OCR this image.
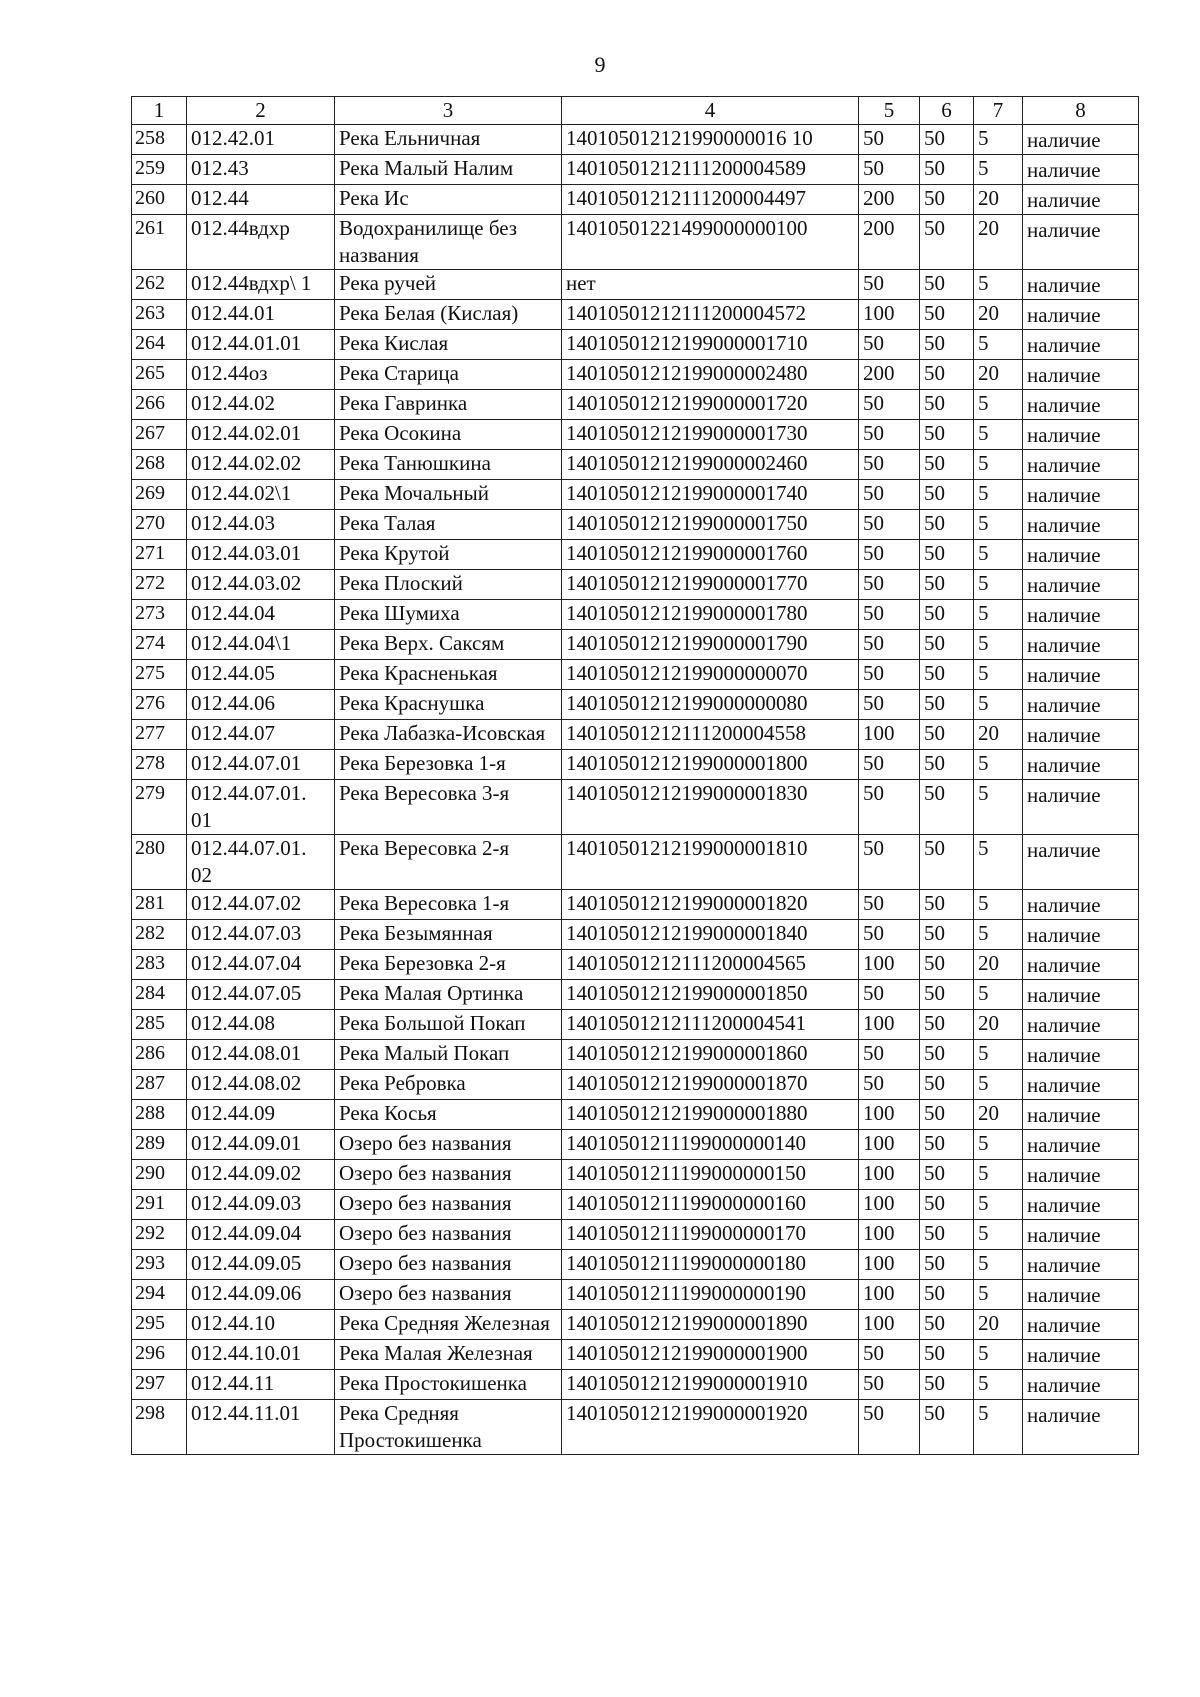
9
1	2	3	4	5	6	7	8
258	012.42.01	Река Ельничная	140105012121990000016 10	50	50	5	наличие
259	012.43	Река Малый Налим	14010501212111200004589	50	50	5	наличие
260	012.44	Река Ис	14010501212111200004497	200	50	20	наличие
261	012.44вдхр	Водохранилище без названия	14010501221499000000100	200	50	20	наличие
262	012.44вдхр\ 1	Река ручей	нет	50	50	5	наличие
263	012.44.01	Река Белая (Кислая)	14010501212111200004572	100	50	20	наличие
264	012.44.01.01	Река Кислая	14010501212199000001710	50	50	5	наличие
265	012.44оз	Река Старица	14010501212199000002480	200	50	20	наличие
266	012.44.02	Река Гавринка	14010501212199000001720	50	50	5	наличие
267	012.44.02.01	Река Осокина	14010501212199000001730	50	50	5	наличие
268	012.44.02.02	Река Танюшкина	14010501212199000002460	50	50	5	наличие
269	012.44.02\1	Река Мочальный	14010501212199000001740	50	50	5	наличие
270	012.44.03	Река Талая	14010501212199000001750	50	50	5	наличие
271	012.44.03.01	Река Крутой	14010501212199000001760	50	50	5	наличие
272	012.44.03.02	Река Плоский	14010501212199000001770	50	50	5	наличие
273	012.44.04	Река Шумиха	14010501212199000001780	50	50	5	наличие
274	012.44.04\1	Река Верх. Саксям	14010501212199000001790	50	50	5	наличие
275	012.44.05	Река Красненькая	14010501212199000000070	50	50	5	наличие
276	012.44.06	Река Краснушка	14010501212199000000080	50	50	5	наличие
277	012.44.07	Река Лабазка-Исовская	14010501212111200004558	100	50	20	наличие
278	012.44.07.01	Река Березовка 1-я	14010501212199000001800	50	50	5	наличие
279	012.44.07.01. 01	Река Вересовка 3-я	14010501212199000001830	50	50	5	наличие
280	012.44.07.01. 02	Река Вересовка 2-я	14010501212199000001810	50	50	5	наличие
281	012.44.07.02	Река Вересовка 1-я	14010501212199000001820	50	50	5	наличие
282	012.44.07.03	Река Безымянная	14010501212199000001840	50	50	5	наличие
283	012.44.07.04	Река Березовка 2-я	14010501212111200004565	100	50	20	наличие
284	012.44.07.05	Река Малая Ортинка	14010501212199000001850	50	50	5	наличие
285	012.44.08	Река Большой Покап	14010501212111200004541	100	50	20	наличие
286	012.44.08.01	Река Малый Покап	14010501212199000001860	50	50	5	наличие
287	012.44.08.02	Река Ребровка	14010501212199000001870	50	50	5	наличие
288	012.44.09	Река Косья	14010501212199000001880	100	50	20	наличие
289	012.44.09.01	Озеро без названия	14010501211199000000140	100	50	5	наличие
290	012.44.09.02	Озеро без названия	14010501211199000000150	100	50	5	наличие
291	012.44.09.03	Озеро без названия	14010501211199000000160	100	50	5	наличие
292	012.44.09.04	Озеро без названия	14010501211199000000170	100	50	5	наличие
293	012.44.09.05	Озеро без названия	14010501211199000000180	100	50	5	наличие
294	012.44.09.06	Озеро без названия	14010501211199000000190	100	50	5	наличие
295	012.44.10	Река Средняя Железная	14010501212199000001890	100	50	20	наличие
296	012.44.10.01	Река Малая Железная	14010501212199000001900	50	50	5	наличие
297	012.44.11	Река Простокишенка	14010501212199000001910	50	50	5	наличие
298	012.44.11.01	Река Средняя Простокишенка	14010501212199000001920	50	50	5	наличие
